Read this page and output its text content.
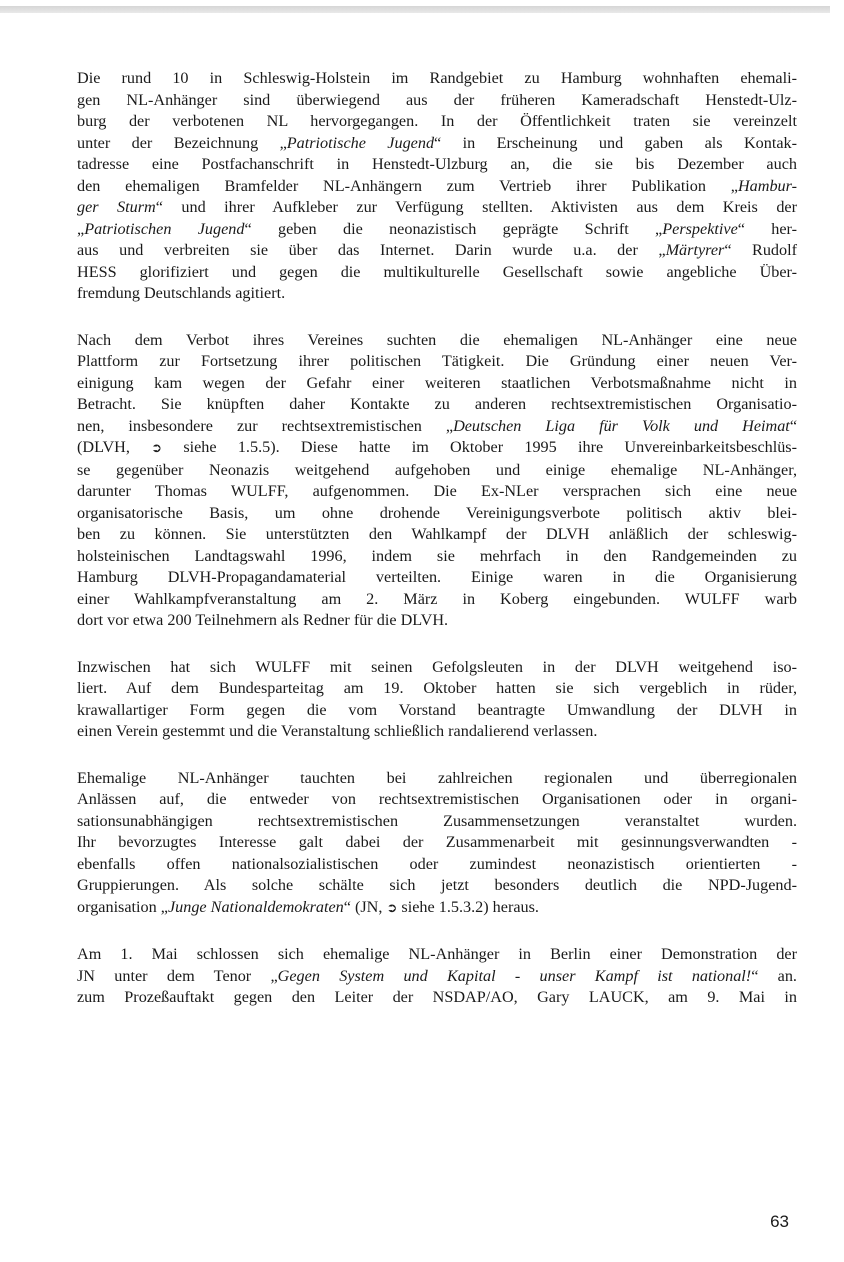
Die rund 10 in Schleswig-Holstein im Randgebiet zu Hamburg wohnhaften ehemali-
gen NL-Anhänger sind überwiegend aus der früheren Kameradschaft Henstedt-Ulz-
burg der verbotenen NL hervorgegangen. In der Öffentlichkeit traten sie vereinzelt
unter der Bezeichnung „Patriotische Jugend“ in Erscheinung und gaben als Kontak-
tadresse eine Postfachanschrift in Henstedt-Ulzburg an, die sie bis Dezember auch
den ehemaligen Bramfelder NL-Anhängern zum Vertrieb ihrer Publikation „Hambur-
ger Sturm“ und ihrer Aufkleber zur Verfügung stellten. Aktivisten aus dem Kreis der
„Patriotischen Jugend“ geben die neonazistisch geprägte Schrift „Perspektive“ her-
aus und verbreiten sie über das Internet. Darin wurde u.a. der „Märtyrer“ Rudolf
HESS glorifiziert und gegen die multikulturelle Gesellschaft sowie angebliche Über-
fremdung Deutschlands agitiert.

Nach dem Verbot ihres Vereines suchten die ehemaligen NL-Anhänger eine neue
Plattform zur Fortsetzung ihrer politischen Tätigkeit. Die Gründung einer neuen Ver-
einigung kam wegen der Gefahr einer weiteren staatlichen Verbotsmaßnahme nicht in
Betracht. Sie knüpften daher Kontakte zu anderen rechtsextremistischen Organisatio-
nen, insbesondere zur rechtsextremistischen „Deutschen Liga für Volk und Heimat“
(DLVH, ➲ siehe 1.5.5). Diese hatte im Oktober 1995 ihre Unvereinbarkeitsbeschlüs-
se gegenüber Neonazis weitgehend aufgehoben und einige ehemalige NL-Anhänger,
darunter Thomas WULFF, aufgenommen. Die Ex-NLer versprachen sich eine neue
organisatorische Basis, um ohne drohende Vereinigungsverbote politisch aktiv blei-
ben zu können. Sie unterstützten den Wahlkampf der DLVH anläßlich der schleswig-
holsteinischen Landtagswahl 1996, indem sie mehrfach in den Randgemeinden zu
Hamburg DLVH-Propagandamaterial verteilten. Einige waren in die Organisierung
einer Wahlkampfveranstaltung am 2. März in Koberg eingebunden. WULFF warb
dort vor etwa 200 Teilnehmern als Redner für die DLVH.

Inzwischen hat sich WULFF mit seinen Gefolgsleuten in der DLVH weitgehend iso-
liert. Auf dem Bundesparteitag am 19. Oktober hatten sie sich vergeblich in rüder,
krawallartiger Form gegen die vom Vorstand beantragte Umwandlung der DLVH in
einen Verein gestemmt und die Veranstaltung schließlich randalierend verlassen.

Ehemalige NL-Anhänger tauchten bei zahlreichen regionalen und überregionalen
Anlässen auf, die entweder von rechtsextremistischen Organisationen oder in organi-
sationsunabhängigen rechtsextremistischen Zusammensetzungen veranstaltet wurden.
Ihr bevorzugtes Interesse galt dabei der Zusammenarbeit mit gesinnungsverwandten -
ebenfalls offen nationalsozialistischen oder zumindest neonazistisch orientierten -
Gruppierungen. Als solche schälte sich jetzt besonders deutlich die NPD-Jugend-
organisation „Junge Nationaldemokraten“ (JN, ➲ siehe 1.5.3.2) heraus.

Am 1. Mai schlossen sich ehemalige NL-Anhänger in Berlin einer Demonstration der
JN unter dem Tenor „Gegen System und Kapital - unser Kampf ist national!“ an.
zum Prozeßauftakt gegen den Leiter der NSDAP/AO, Gary LAUCK, am 9. Mai in

63
